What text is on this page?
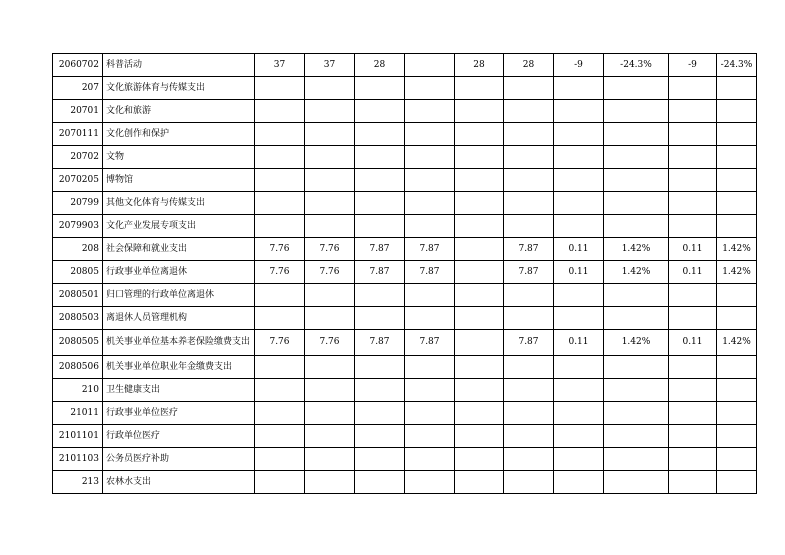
2060702	科普活动	37	37	28		28	28	-9	-24.3%	-9	-24.3%
207	文化旅游体育与传媒支出										
20701	文化和旅游										
2070111	文化创作和保护										
20702	文物										
2070205	博物馆										
20799	其他文化体育与传媒支出										
2079903	文化产业发展专项支出										
208	社会保障和就业支出	7.76	7.76	7.87	7.87		7.87	0.11	1.42%	0.11	1.42%
20805	行政事业单位离退休	7.76	7.76	7.87	7.87		7.87	0.11	1.42%	0.11	1.42%
2080501	归口管理的行政单位离退休										
2080503	离退休人员管理机构										
2080505	机关事业单位基本养老保险缴费支出	7.76	7.76	7.87	7.87		7.87	0.11	1.42%	0.11	1.42%
2080506	机关事业单位职业年金缴费支出										
210	卫生健康支出										
21011	行政事业单位医疗										
2101101	行政单位医疗										
2101103	公务员医疗补助										
213	农林水支出										
